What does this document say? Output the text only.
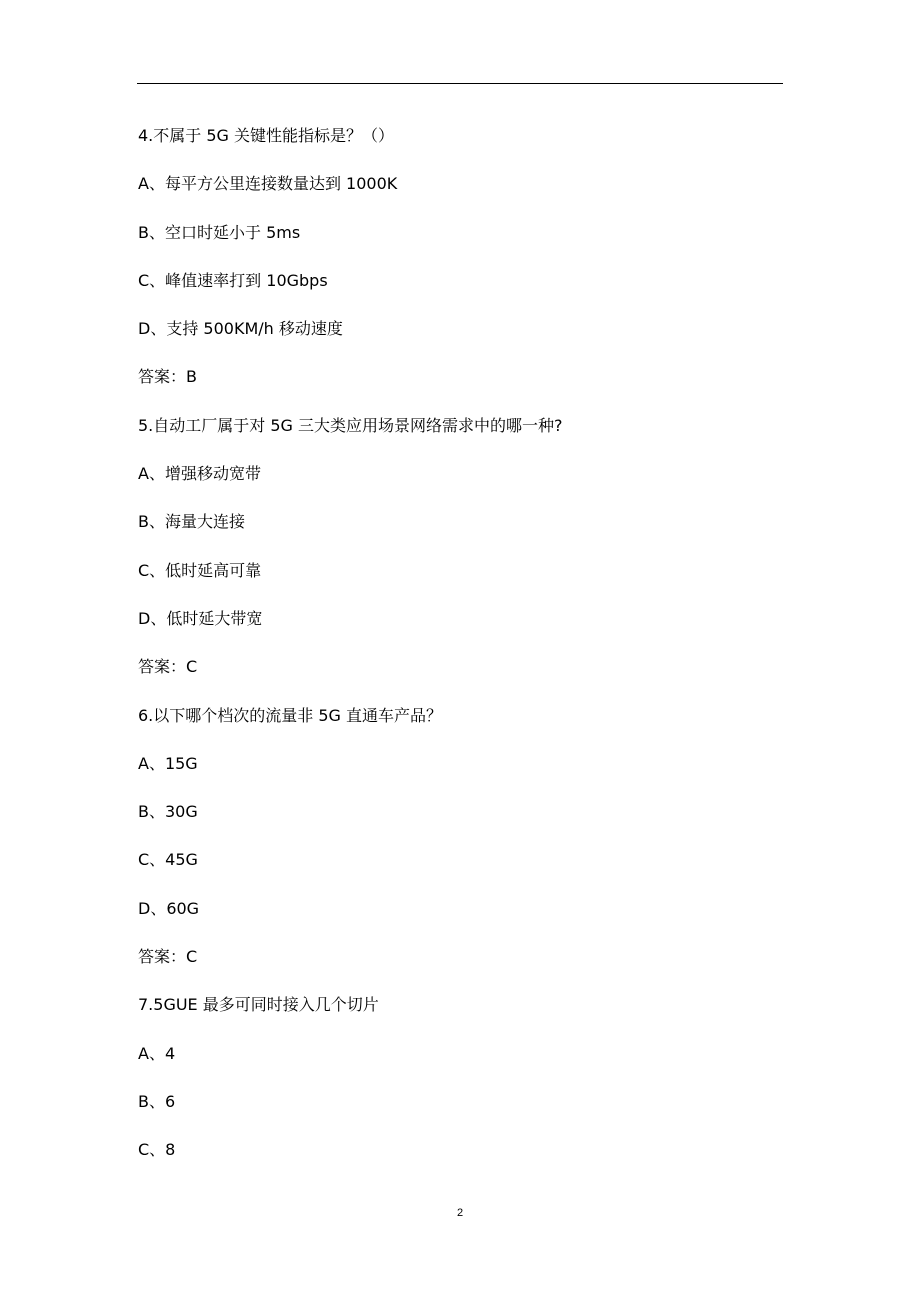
4.不属于 5G 关键性能指标是？（）
A、每平方公里连接数量达到 1000K
B、空口时延小于 5ms
C、峰值速率打到 10Gbps
D、支持 500KM/h 移动速度
答案：B
5.自动工厂属于对 5G 三大类应用场景网络需求中的哪一种?
A、增强移动宽带
B、海量大连接
C、低时延高可靠
D、低时延大带宽
答案：C
6.以下哪个档次的流量非 5G 直通车产品？
A、15G
B、30G
C、45G
D、60G
答案：C
7.5GUE 最多可同时接入几个切片
A、4
B、6
C、8
2
